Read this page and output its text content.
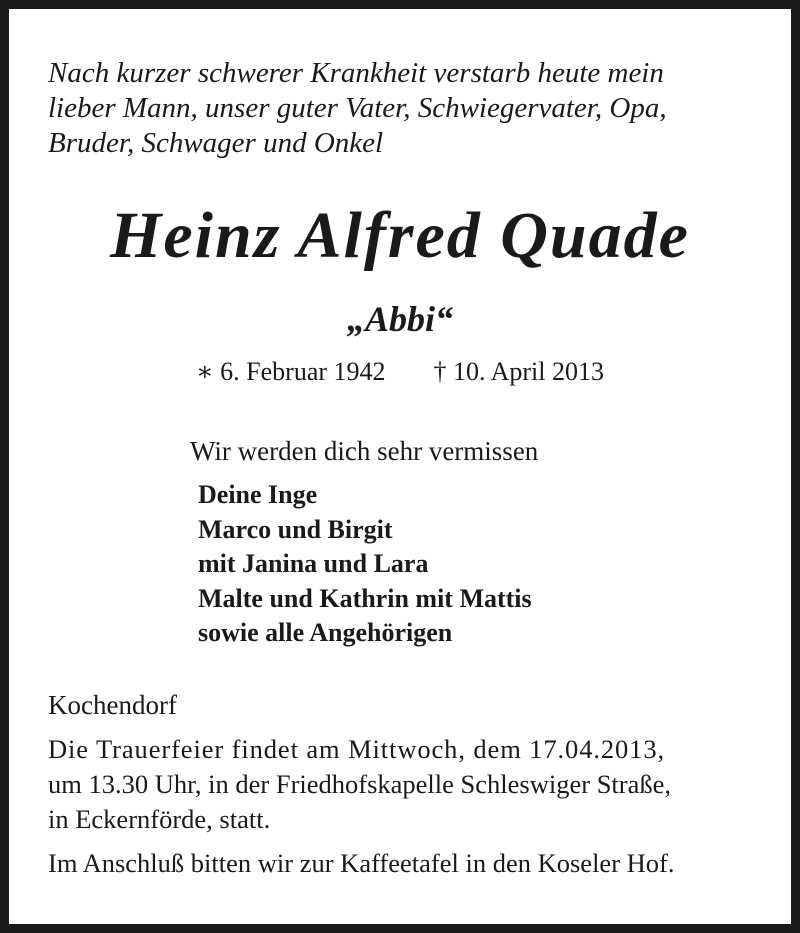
Nach kurzer schwerer Krankheit verstarb heute mein
lieber Mann, unser guter Vater, Schwiegervater, Opa,
Bruder, Schwager und Onkel

Heinz Alfred Quade
„Abbi“
∗ 6. Februar 1942 † 10. April 2013
Wir werden dich sehr vermissen
Deine Inge
Marco und Birgit
mit Janina und Lara
Malte und Kathrin mit Mattis
sowie alle Angehörigen
Kochendorf

Die Trauerfeier findet am Mittwoch, dem 17.04.2013,
um 13.30 Uhr, in der Friedhofskapelle Schleswiger Straße,
in Eckernförde, statt.

Im Anschluß bitten wir zur Kaffeetafel in den Koseler Hof.
